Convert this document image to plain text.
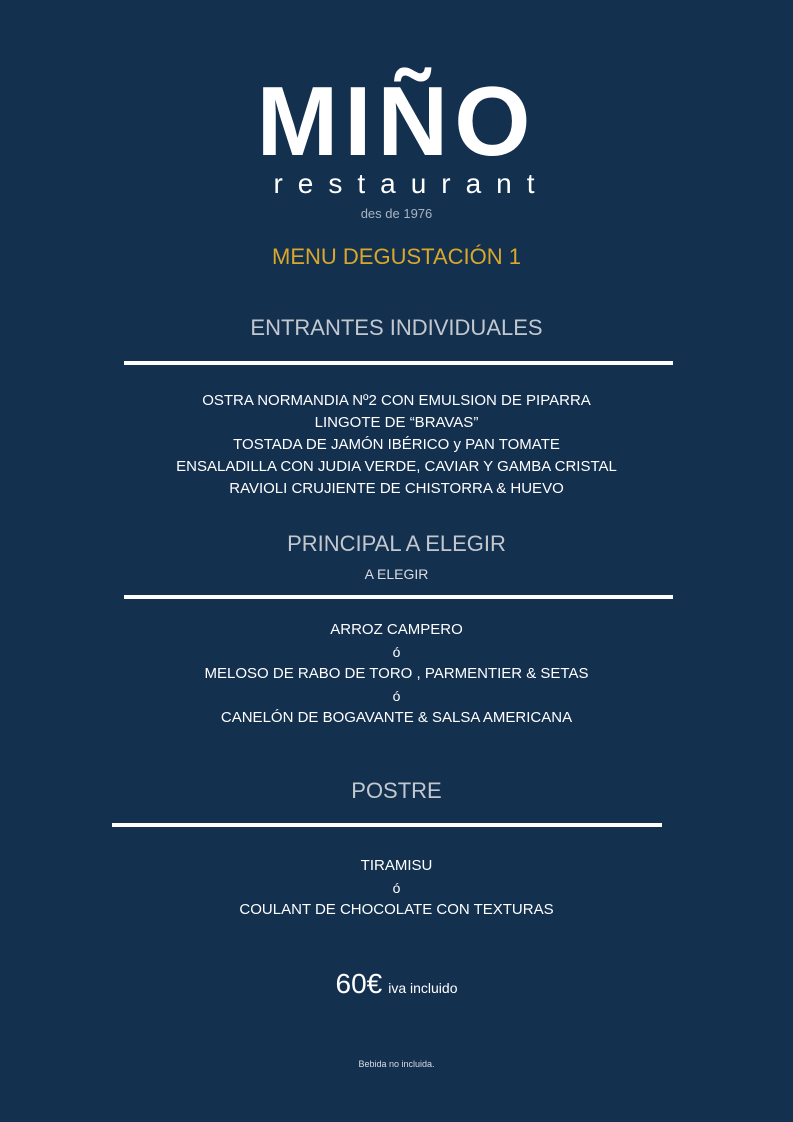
MIÑO
restaurant
des de 1976
MENU DEGUSTACIÓN 1
ENTRANTES INDIVIDUALES
OSTRA NORMANDIA Nº2 CON EMULSION DE PIPARRA
LINGOTE DE “BRAVAS”
TOSTADA DE JAMÓN IBÉRICO y PAN TOMATE
ENSALADILLA CON JUDIA VERDE, CAVIAR Y GAMBA CRISTAL
RAVIOLI CRUJIENTE DE CHISTORRA & HUEVO
PRINCIPAL A ELEGIR
A ELEGIR
ARROZ CAMPERO
ó
MELOSO DE RABO DE TORO , PARMENTIER & SETAS
ó
CANELÓN DE BOGAVANTE & SALSA AMERICANA
POSTRE
TIRAMISU
ó
COULANT DE CHOCOLATE CON TEXTURAS
60€ iva incluido
Bebida no incluida.
